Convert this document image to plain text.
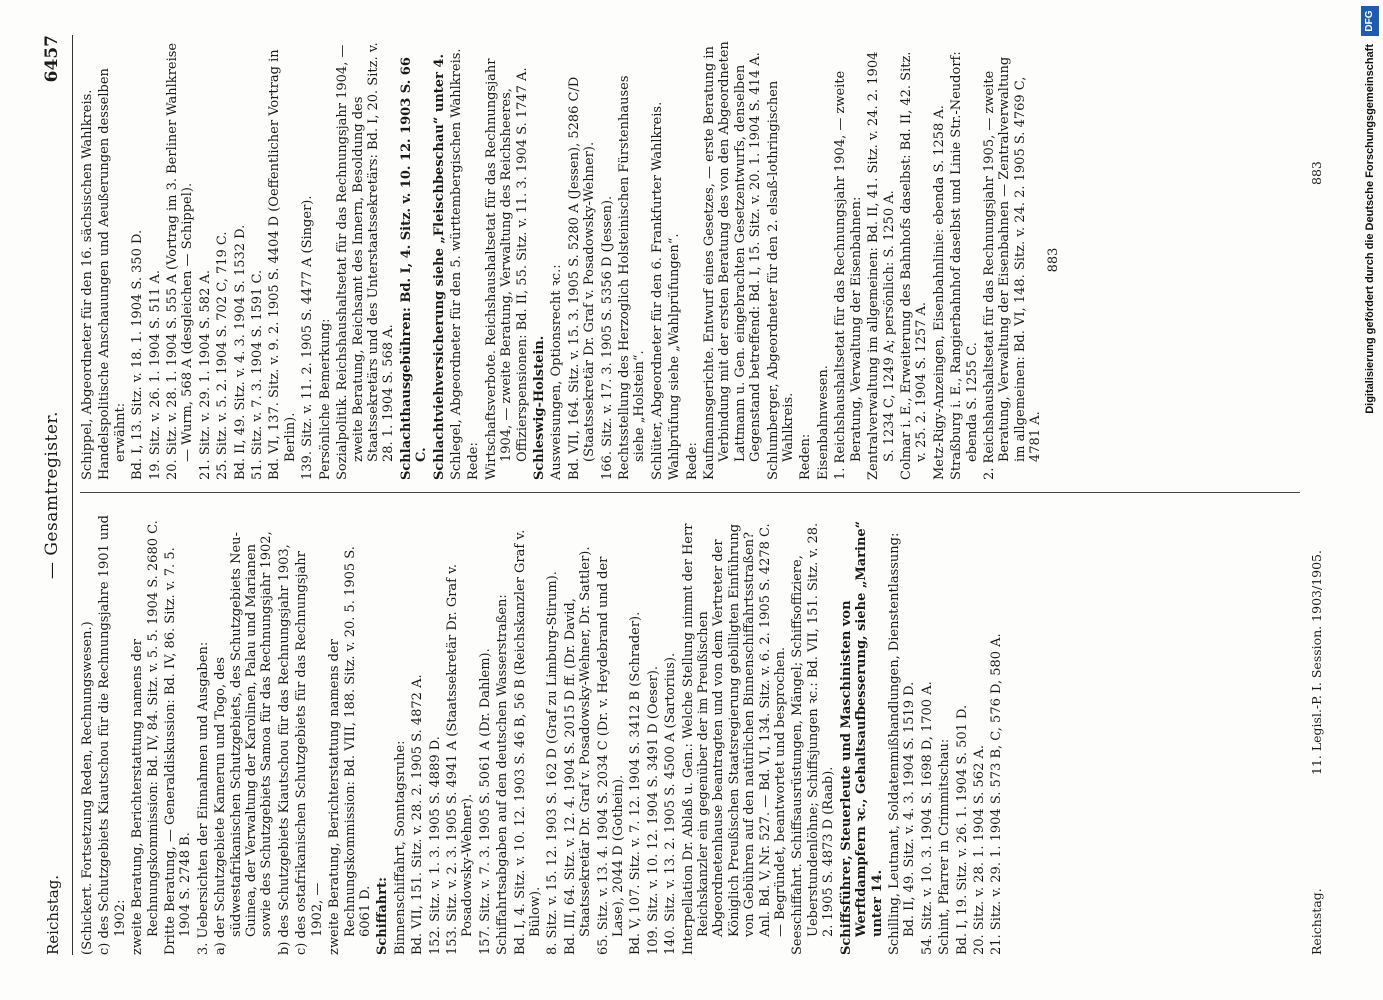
Reichstag.
— Gesamtregister.
6457
(Schickert. Fortsetzung Reden, Rechnungswesen.) c) des Schutzgebiets Kiautschou für die Rechnungsjahre 1901 und 1902: zweite Beratung, Berichterstattung namens der Rechnungskommission: Bd. IV, 84. Sitz. v. 5. 5. 1904 S. 2680 C. Dritte Beratung, — Generaldiskussion: Bd. IV, 86. Sitz. v. 7. 5. 1904 S. 2748 B. 3. Uebersichten der Einnahmen und Ausgaben: a) der Schutzgebiete Kamerun und Togo, des südwestafrikanischen Schutzgebiets, des Schutzgebiets Neu-Guinea, der Verwaltung der Karolinen, Palau und Marianen sowie des Schutzgebiets Samoa für das Rechnungsjahr 1902, b) des Schutzgebiets Kiautschou für das Rechnungsjahr 1903, c) des ostafrikanischen Schutzgebiets für das Rechnungsjahr 1902, — zweite Beratung, Berichterstattung namens der Rechnungskommission: Bd. VIII, 188. Sitz. v. 20. 5. 1905 S. 6061 D. Schiffahrt: Binnenschiffahrt, Sonntagsruhe: Bd. VII, 151. Sitz. v. 28. 2. 1905 S. 4872 A. 152. Sitz. v. 1. 3. 1905 S. 4889 D. 153. Sitz. v. 2. 3. 1905 S. 4941 A (Staatssekretär Dr. Graf v. Posadowsky-Wehner). 157. Sitz. v. 7. 3. 1905 S. 5061 A (Dr. Dahlem). Schiffahrtsabgaben auf den deutschen Wasserstraßen: Bd. I, 4. Sitz. v. 10. 12. 1903 S. 46 B, 56 B (Reichskanzler Graf v. Bülow). 8. Sitz. v. 15. 12. 1903 S. 162 D (Graf zu Limburg-Stirum). Bd. III, 64. Sitz. v. 12. 4. 1904 S. 2015 D ff. (Dr. David, Staatssekretär Dr. Graf v. Posadowsky-Wehner, Dr. Sattler). 65. Sitz. v. 13. 4. 1904 S. 2034 C (Dr. v. Heydebrand und der Lase), 2044 D (Gothein). Bd. V, 107. Sitz. v. 7. 12. 1904 S. 3412 B (Schrader). 109. Sitz. v. 10. 12. 1904 S. 3491 D (Oeser). 140. Sitz. v. 13. 2. 1905 S. 4500 A (Sartorius). Interpellation Dr. Ablaß u. Gen.: Welche Stellung nimmt der Herr Reichskanzler ein gegenüber der im Preußischen Abgeordnetenhause beantragten und von dem Vertreter der Königlich Preußischen Staatsregierung gebilligten Einführung von Gebühren auf den natürlichen Binnenschiffahrtsstraßen? Anl. Bd. V, Nr. 527. — Bd. VI, 134. Sitz. v. 6. 2. 1905 S. 4278 C. — Begründet, beantwortet und besprochen. Seeschiffahrt. Schiffsausrüstungen, Mängel; Schiffsoffiziere, Ueberstundenlöhne; Schiffsjungen ꝛc.: Bd. VII, 151. Sitz. v. 28. 2. 1905 S. 4873 D (Raab). Schiffsführer, Steuerleute und Maschinisten von Werftdampfern ꝛc., Gehaltsaufbesserung, siehe „Marine“ unter 14. Schilling, Leutnant, Soldatenmißhandlungen, Dienstentlassung: Bd. II, 49. Sitz. v. 4. 3. 1904 S. 1519 D. 54. Sitz. v. 10. 3. 1904 S. 1698 D, 1700 A. Schint, Pfarrer in Crimmitschau: Bd. I, 19. Sitz. v. 26. 1. 1904 S. 501 D. 20. Sitz. v. 28. 1. 1904 S. 562 A. 21. Sitz. v. 29. 1. 1904 S. 573 B, C, 576 D, 580 A.
Schippel, Abgeordneter für den 16. sächsischen Wahlkreis. Handelspolitische Anschauungen und Aeußerungen desselben erwähnt: Bd. I, 13. Sitz. v. 18. 1. 1904 S. 350 D. 19. Sitz. v. 26. 1. 1904 S. 511 A. 20. Sitz. v. 28. 1. 1904 S. 555 A (Vortrag im 3. Berliner Wahlkreise — Wurm, 568 A (desgleichen — Schippel). 21. Sitz. v. 29. 1. 1904 S. 582 A. 25. Sitz. v. 5. 2. 1904 S. 702 C, 719 C. Bd. II, 49. Sitz. v. 4. 3. 1904 S. 1532 D. 51. Sitz. v. 7. 3. 1904 S. 1591 C. Bd. VI, 137. Sitz. v. 9. 2. 1905 S. 4404 D (Oeffentlicher Vortrag in Berlin). 139. Sitz. v. 11. 2. 1905 S. 4477 A (Singer). Persönliche Bemerkung: Sozialpolitik. Reichshaushaltsetat für das Rechnungsjahr 1904, — zweite Beratung, Reichsamt des Innern, Besoldung des Staatssekretärs und des Unterstaatssekretärs: Bd. I, 20. Sitz. v. 28. 1. 1904 S. 568 A. Schlachthausgebühren: Bd. I, 4. Sitz. v. 10. 12. 1903 S. 66 C. Schlachtviehversicherung siehe „Fleischbeschau“ unter 4. Schlegel, Abgeordneter für den 5. württembergischen Wahlkreis. Rede: Wirtschaftsverbote. Reichshaushaltsetat für das Rechnungsjahr 1904, — zweite Beratung, Verwaltung des Reichsheeres, Offizierspensionen: Bd. II, 55. Sitz. v. 11. 3. 1904 S. 1747 A. Schleswig-Holstein. Ausweisungen, Optionsrecht ꝛc.: Bd. VII, 164. Sitz. v. 15. 3. 1905 S. 5280 A (Jessen), 5286 C/D (Staatssekretär Dr. Graf v. Posadowsky-Wehner). 166. Sitz. v. 17. 3. 1905 S. 5356 D (Jessen). Rechtsstellung des Herzoglich Holsteinischen Fürstenhauses siehe „Holstein“. Schlüter, Abgeordneter für den 6. Frankfurter Wahlkreis. Wahlprüfung siehe „Wahlprüfungen“. Rede: Kaufmannsgerichte. Entwurf eines Gesetzes, — erste Beratung in Verbindung mit der ersten Beratung des von den Abgeordneten Lattmann u. Gen. eingebrachten Gesetzentwurfs, denselben Gegenstand betreffend: Bd. I, 15. Sitz. v. 20. 1. 1904 S. 414 A. Schlumberger, Abgeordneter für den 2. elsaß-lothringischen Wahlkreis. Reden: Eisenbahnwesen. 1. Reichshaushaltsetat für das Rechnungsjahr 1904, — zweite Beratung, Verwaltung der Eisenbahnen: Zentralverwaltung im allgemeinen: Bd. II, 41. Sitz. v. 24. 2. 1904 S. 1234 C, 1249 A; persönlich: S. 1250 A. Colmar i. E., Erweiterung des Bahnhofs daselbst: Bd. II, 42. Sitz. v. 25. 2. 1904 S. 1257 A. Metz-Rigy-Anzeingen, Eisenbahnlinie: ebenda S. 1258 A. Straßburg i. E., Rangierbahnhof daselbst und Linie Str.-Neudorf: ebenda S. 1255 C. 2. Reichshaushaltsetat für das Rechnungsjahr 1905, — zweite Beratung, Verwaltung der Eisenbahnen — Zentralverwaltung im allgemeinen: Bd. VI, 148. Sitz. v. 24. 2. 1905 S. 4769 C, 4781 A.
883
Reichstag.
11. Legisl.-P. I. Session. 1903/1905.
883	Digitalisierung gefördert durch die Deutsche Forschungsgemeinschaft
DFG
